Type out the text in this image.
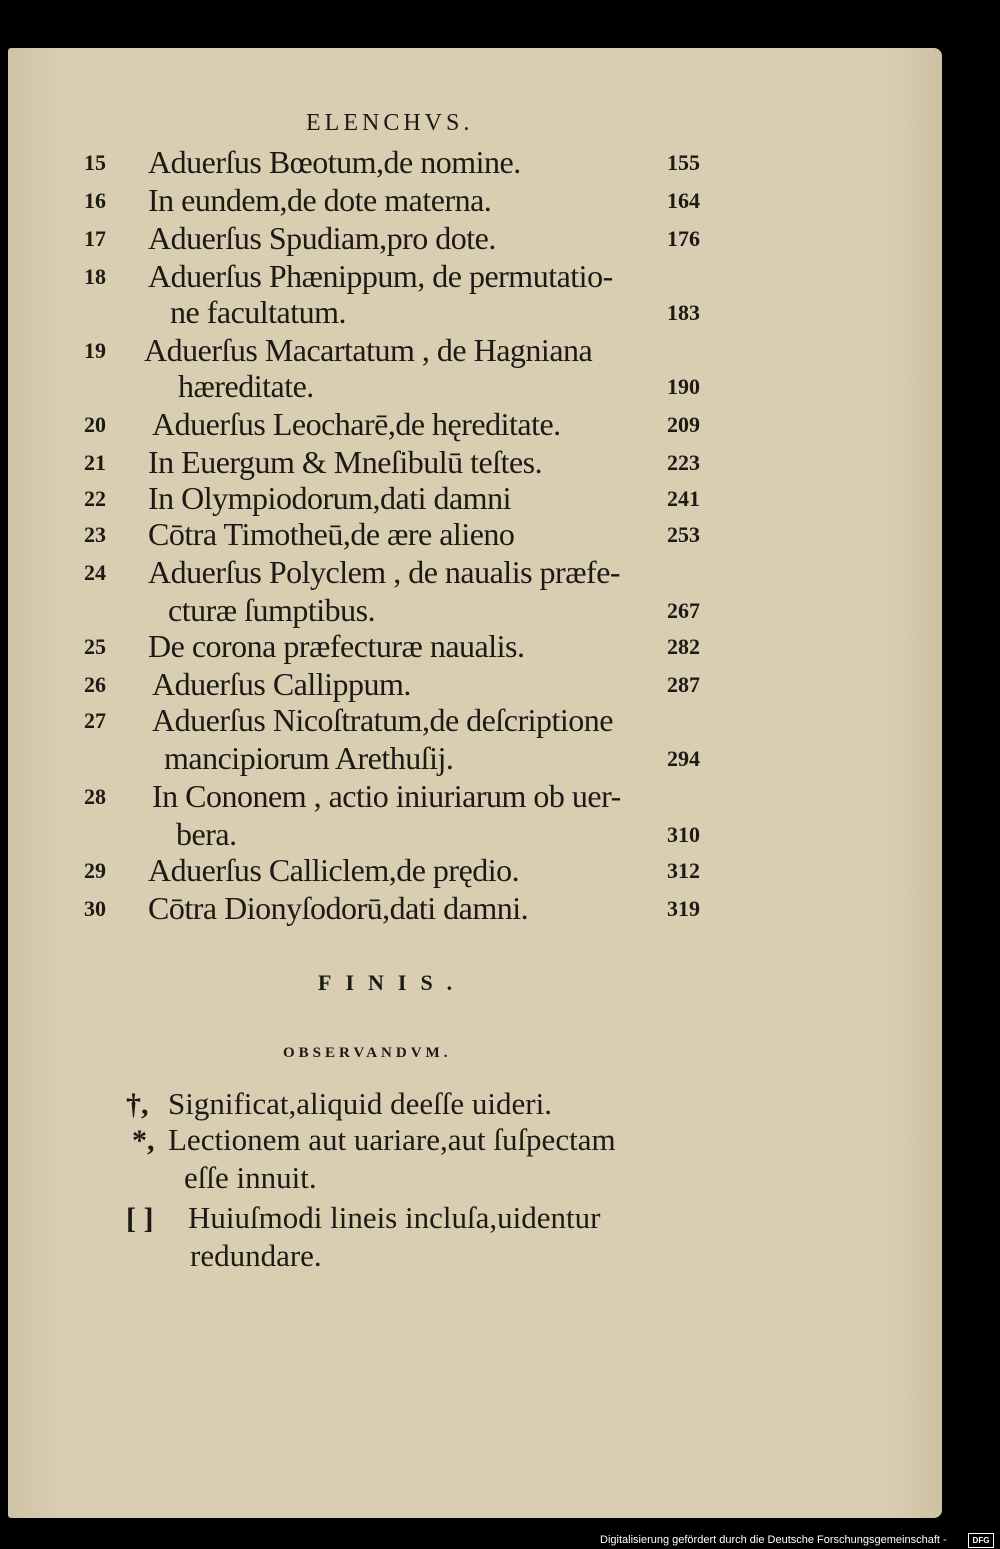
ELENCHVS.
15	Aduerſus Bœotum,de nomine.	155
16	In eundem,de dote materna.	164
17	Aduerſus Spudiam,pro dote.	176
18	Aduerſus Phænippum, de permutatio-
ne facultatum.	183
19	Aduerſus Macartatum , de Hagniana
hæreditate.	190
20	Aduerſus Leocharē,de hęreditate.	209
21	In Euergum & Mneſibulū teſtes.	223
22	In Olympiodorum,dati damni	241
23	Cōtra Timotheū,de ære alieno	253
24	Aduerſus Polyclem , de naualis præfe-
cturæ ſumptibus.	267
25	De corona præfecturæ naualis.	282
26	Aduerſus Callippum.	287
27	Aduerſus Nicoſtratum,de deſcriptione
mancipiorum Arethuſij.	294
28	In Cononem , actio iniuriarum ob uer-
bera.	310
29	Aduerſus Calliclem,de prędio.	312
30	Cōtra Dionyſodorū,dati damni.	319
FINIS.
OBSERVANDVM.
†, Significat,aliquid deeſſe uideri.
*, Lectionem aut uariare,aut ſuſpectam
eſſe innuit.
[ ] Huiuſmodi lineis incluſa,uidentur
redundare.
Digitalisierung gefördert durch die Deutsche Forschungsgemeinschaft -	DFG
